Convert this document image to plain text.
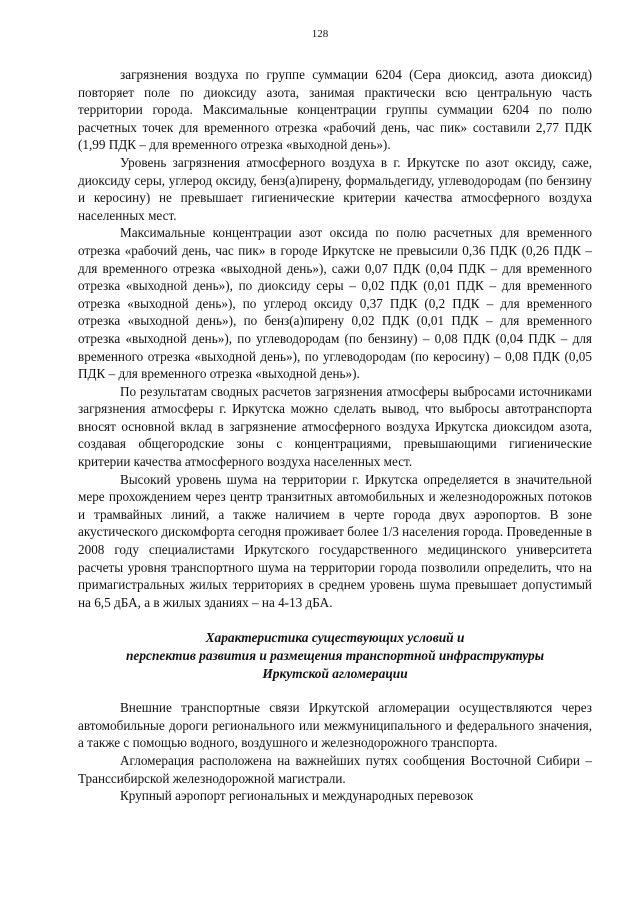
128

загрязнения воздуха по группе суммации 6204 (Сера диоксид, азота диоксид) повторяет поле по диоксиду азота, занимая практически всю центральную часть территории города. Максимальные концентрации группы суммации 6204 по полю расчетных точек для временного отрезка «рабочий день, час пик» составили 2,77 ПДК (1,99 ПДК – для временного отрезка «выходной день»).

Уровень загрязнения атмосферного воздуха в г. Иркутске по азот оксиду, саже, диоксиду серы, углерод оксиду, бенз(а)пирену, формальдегиду, углеводородам (по бензину и керосину) не превышает гигиенические критерии качества атмосферного воздуха населенных мест.

Максимальные концентрации азот оксида по полю расчетных для временного отрезка «рабочий день, час пик» в городе Иркутске не превысили 0,36 ПДК (0,26 ПДК – для временного отрезка «выходной день»), сажи 0,07 ПДК (0,04 ПДК – для временного отрезка «выходной день»), по диоксиду серы – 0,02 ПДК (0,01 ПДК – для временного отрезка «выходной день»), по углерод оксиду 0,37 ПДК (0,2 ПДК – для временного отрезка «выходной день»), по бенз(а)пирену 0,02 ПДК (0,01 ПДК – для временного отрезка «выходной день»), по углеводородам (по бензину) – 0,08 ПДК (0,04 ПДК – для временного отрезка «выходной день»), по углеводородам (по керосину) – 0,08 ПДК (0,05 ПДК – для временного отрезка «выходной день»).

По результатам сводных расчетов загрязнения атмосферы выбросами источниками загрязнения атмосферы г. Иркутска можно сделать вывод, что выбросы автотранспорта вносят основной вклад в загрязнение атмосферного воздуха Иркутска диоксидом азота, создавая общегородские зоны с концентрациями, превышающими гигиенические критерии качества атмосферного воздуха населенных мест.

Высокий уровень шума на территории г. Иркутска определяется в значительной мере прохождением через центр транзитных автомобильных и железнодорожных потоков и трамвайных линий, а также наличием в черте города двух аэропортов. В зоне акустического дискомфорта сегодня проживает более 1/3 населения города. Проведенные в 2008 году специалистами Иркутского государственного медицинского университета расчеты уровня транспортного шума на территории города позволили определить, что на примагистральных жилых территориях в среднем уровень шума превышает допустимый на 6,5 дБА, а в жилых зданиях – на 4-13 дБА.

Характеристика существующих условий и

перспектив развития и размещения транспортной инфраструктуры

Иркутской агломерации

Внешние транспортные связи Иркутской агломерации осуществляются через автомобильные дороги регионального или межмуниципального и федерального значения, а также с помощью водного, воздушного и железнодорожного транспорта.

Агломерация расположена на важнейших путях сообщения Восточной Сибири – Транссибирской железнодорожной магистрали.

Крупный аэропорт региональных и международных перевозок
